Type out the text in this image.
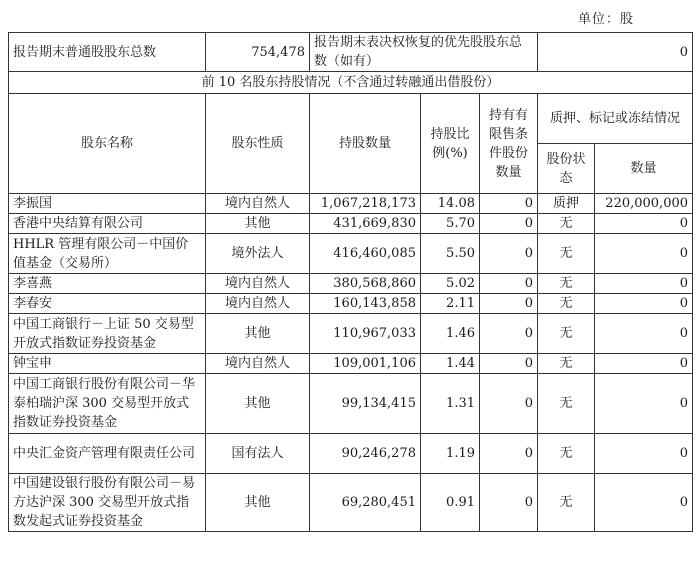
单位：股
报告期末普通股股东总数	754,478	报告期末表决权恢复的优先股股东总数（如有）			0	
前 10 名股东持股情况（不含通过转融通出借股份）						
股东名称	股东性质	持股数量	持股比例(%)	持有有限售条件股份数量	质押、标记或冻结情况	
					股份状态	数量
李振国	境内自然人	1,067,218,173	14.08	0	质押	220,000,000
香港中央结算有限公司	其他	431,669,830	5.70	0	无	0
HHLR 管理有限公司－中国价值基金（交易所）	境外法人	416,460,085	5.50	0	无	0
李喜燕	境内自然人	380,568,860	5.02	0	无	0
李春安	境内自然人	160,143,858	2.11	0	无	0
中国工商银行－上证 50 交易型开放式指数证券投资基金	其他	110,967,033	1.46	0	无	0
钟宝申	境内自然人	109,001,106	1.44	0	无	0
中国工商银行股份有限公司－华泰柏瑞沪深 300 交易型开放式指数证券投资基金	其他	99,134,415	1.31	0	无	0
中央汇金资产管理有限责任公司	国有法人	90,246,278	1.19	0	无	0
中国建设银行股份有限公司－易方达沪深 300 交易型开放式指数发起式证券投资基金	其他	69,280,451	0.91	0	无	0
